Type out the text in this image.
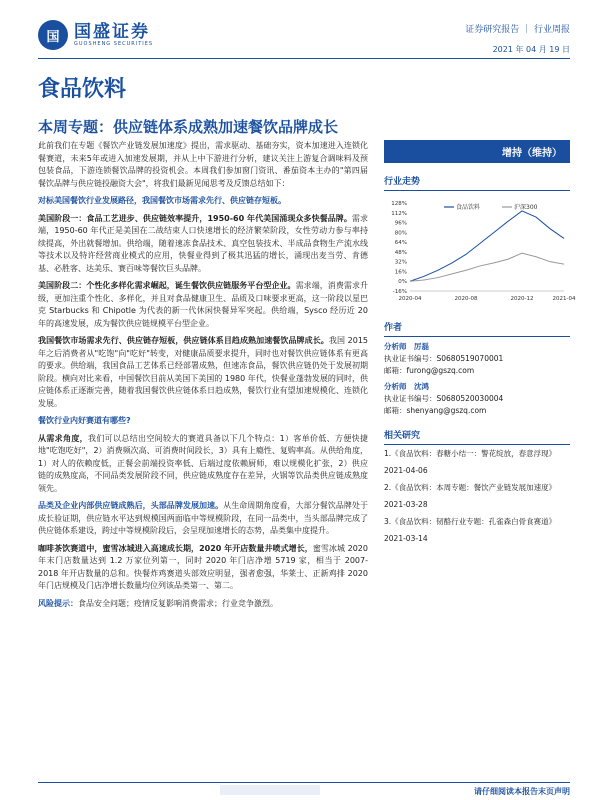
国 国盛证券
GUOSHENG SECURITIES
证券研究报告 ｜ 行业周报
2021 年 04 月 19 日
食品饮料
本周专题：供应链体系成熟加速餐饮品牌成长

此前我们在专题《餐饮产业链发展加速度》提出，需求驱动、基础夯实，资本加速进入连锁化餐赛道，未来5年或进入加速发展期，并从上中下游进行分析，建议关注上游复合调味料及预包装食品，下游连锁餐饮品牌的投资机会。本周我们参加窗门资讯、番茄资本主办的"第四届餐饮品牌与供应链投融资大会"，将我们最新见闻思考及反馈总结如下：

对标美国餐饮行业发展路径，我国餐饮市场需求先行、供应链存短板。

美国阶段一：食品工艺进步、供应链效率提升，1950-60 年代美国涌现众多快餐品牌。需求端，1950-60 年代正是美国在二战结束人口快速增长的经济繁荣阶段，女性劳动力参与率持续提高，外出就餐增加。供给端，随着速冻食品技术、真空包装技术、半成品食物生产流水线等技术以及特许经营商业模式的应用，快餐业得到了极其迅猛的增长，涌现出麦当劳、肯德基、必胜客、达美乐、赛百味等餐饮巨头品牌。

美国阶段二：个性化多样化需求崛起，诞生餐饮供应链服务平台型企业。需求端，消费需求升级，更加注重个性化、多样化，并且对食品健康卫生、品质及口味要求更高，这一阶段以星巴克 Starbucks 和 Chipotle 为代表的新一代休闲快餐异军突起。供给端，Sysco 经历近 20 年的高速发展，成为餐饮供应链规模平台型企业。

我国餐饮市场需求先行、供应链存短板，供应链体系目趋成熟加速餐饮品牌成长。我国 2015 年之后消费者从"吃饱"向"吃好"转变，对健康品质要求提升，同时也对餐饮供应链体系有更高的要求。供给端，我国食品工艺体系已经部署成熟，但速冻食品，餐饮供应链仍处于发展初期阶段。横向对比来看，中国餐饮目前从美国下美国的 1980 年代，快餐业蓬勃发展的同时，供应链体系正逐渐完善，随着我国餐饮供应链体系日趋成熟，餐饮行业有望加速规模化、连锁化发展。

餐饮行业内好赛道有哪些?

从需求角度，我们可以总结出空间较大的赛道具备以下几个特点：1）客单价低、方便快捷地"吃饱吃好"，2）消费频次高、可消费时间段长，3）具有上瘾性、复购率高。从供给角度，1）对人的依赖度低，正餐会前端投资率低、后端过度依赖厨师，难以规模化扩张，2）供应链的成熟度高，不同品类发展阶段不同，供应链成熟度存在差异，火锅等饮品类供应链成熟度领先。

品类及企业内部供应链成熟后，头部品牌发展加速。从生命周期角度看，大部分餐饮品牌处于成长验证期，供应链水平达到规模国两面临中等规模阶段，在同一品类中，当头部品牌完成了供应链体系建设，跨过中等规模阶段后，会呈现加速增长的态势，品类集中度提升。

咖啡茶饮赛道中，蜜雪冰城进入高速成长期，2020 年开店数量井喷式增长，蜜雪冰城 2020 年末门店数量达到 1.2 万家位列第一，同时 2020 年门店净增 5719 家，相当于 2007-2018 年开店数量的总和。快餐炸鸡赛道头部效应明显，强者愈强，华莱士、正新鸡排 2020 年门店规模及门店净增长数量均位列该品类第一、第二。

风险提示：食品安全问题；疫情反复影响消费需求；行业竞争激烈。

增持（维持）
行业走势
128%
112%
96%
80%
64%
48%
32%
16%
0%
-16%
2020-04	2020-08	2020-12	2021-04
食品饮料	沪深300
作者
分析师　厉磊
执业证书编号：S0680519070001
邮箱：furong@gszq.com
分析师　沈鸿
执业证书编号：S0680520030004
邮箱：shenyang@gszq.com
相关研究
1.《食品饮料：春糖小结一：警花绽放，春意浮现》
2021-04-06
2.《食品饮料：本周专题：餐饮产业链发展加速度》
2021-03-28
3.《食品饮料：韧酪行业专题：孔雀森白骨食赛道》
2021-03-14
请仔细阅读本报告末页声明
